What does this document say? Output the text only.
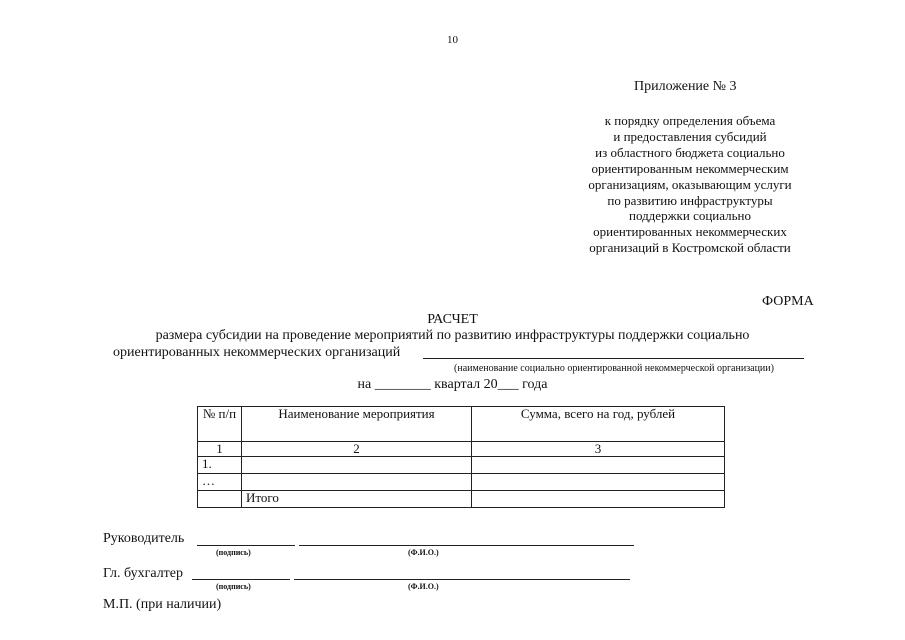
10
Приложение № 3
к порядку определения объема
и предоставления субсидий
из областного бюджета социально
ориентированным некоммерческим
организациям, оказывающим услуги
по развитию инфраструктуры
поддержки социально
ориентированных некоммерческих
организаций в Костромской области
ФОРМА
РАСЧЕТ
размера субсидии на проведение мероприятий по развитию инфраструктуры поддержки социально
ориентированных некоммерческих организаций
(наименование социально ориентированной некоммерческой организации)
на ________ квартал 20___ года
№ п/п	Наименование мероприятия	Сумма, всего на год, рублей
1	2	3
1.		
…		
	Итого	
Руководитель
(подпись)	(Ф.И.О.)
Гл. бухгалтер
(подпись)	(Ф.И.О.)
М.П. (при наличии)
